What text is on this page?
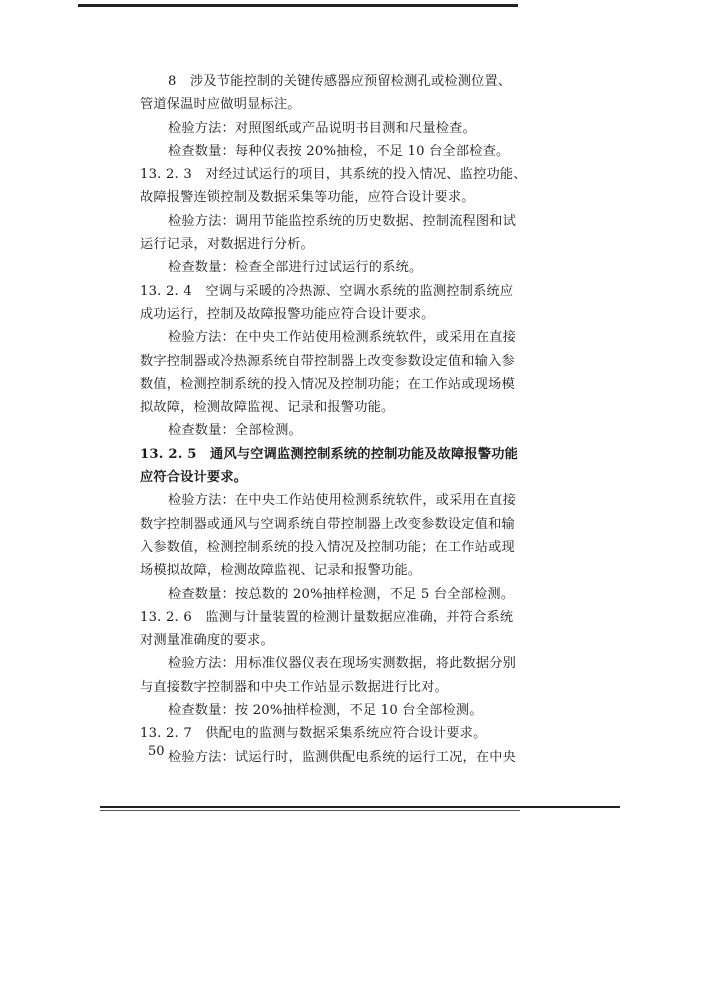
8　涉及节能控制的关键传感器应预留检测孔或检测位置、
管道保温时应做明显标注。
检验方法：对照图纸或产品说明书目测和尺量检查。
检查数量：每种仪表按 20%抽检，不足 10 台全部检查。
13. 2. 3　对经过试运行的项目，其系统的投入情况、监控功能、
故障报警连锁控制及数据采集等功能，应符合设计要求。
检验方法：调用节能监控系统的历史数据、控制流程图和试
运行记录，对数据进行分析。
检查数量：检查全部进行过试运行的系统。
13. 2. 4　空调与采暖的冷热源、空调水系统的监测控制系统应
成功运行，控制及故障报警功能应符合设计要求。
检验方法：在中央工作站使用检测系统软件，或采用在直接
数字控制器或冷热源系统自带控制器上改变参数设定值和输入参
数值，检测控制系统的投入情况及控制功能；在工作站或现场模
拟故障，检测故障监视、记录和报警功能。
检查数量：全部检测。
13. 2. 5　通风与空调监测控制系统的控制功能及故障报警功能
应符合设计要求。
检验方法：在中央工作站使用检测系统软件，或采用在直接
数字控制器或通风与空调系统自带控制器上改变参数设定值和输
入参数值，检测控制系统的投入情况及控制功能；在工作站或现
场模拟故障，检测故障监视、记录和报警功能。
检查数量：按总数的 20%抽样检测，不足 5 台全部检测。
13. 2. 6　监测与计量装置的检测计量数据应准确，并符合系统
对测量准确度的要求。
检验方法：用标准仪器仪表在现场实测数据，将此数据分别
与直接数字控制器和中央工作站显示数据进行比对。
检查数量：按 20%抽样检测，不足 10 台全部检测。
13. 2. 7　供配电的监测与数据采集系统应符合设计要求。
检验方法：试运行时，监测供配电系统的运行工况，在中央
50
